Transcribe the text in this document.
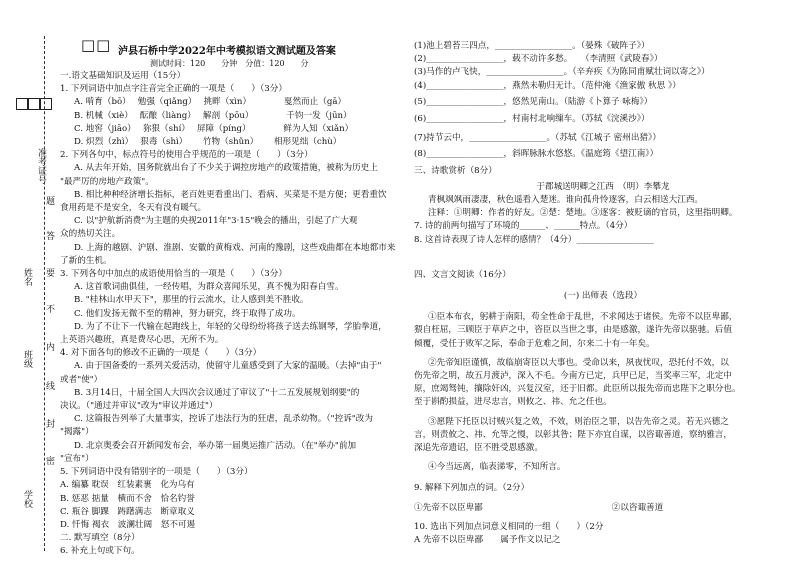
准考证号
姓名
班级
学校
题
答
要
不
内
线
封
密
□□ 泸县石桥中学2022年中考模拟语文测试题及答案
测试时间：120　　分钟　分值：120　　分
一.语文基础知识及运用（15分）
1. 下列词语中加点字注音完全正确的一项是（　　）（3分）
A. 啃育（bō）　 勉强（qiǎng）　 挑畔（xìn）　　　　 戛然而止（gā）
B. 机械（xiè）　 酝酿（liàng）　 解剖（pōu）　　　　 千钧一发（jūn）
C. 地窖（jiāo）　 狝狠（shí）　 屏障（píng）　　　　 鲜为人知（xiǎn）
D. 炽烈（zhì）　 狠毒（shì）　　 竹物（shǔn）　　 相形见绌（chù）
2. 下列各句中，标点符号的使用合乎规范的一项是（　　）（3分）
A. 从去年开始，国务院就出台了不少关于调控房地产的政策措施，被称为历史上
"最严厉的房地产政策"。
B. 相比种种经济增长指标，老百姓更看重出门、看病、买菜是不是方便；更看重饮
食用药是不是安全，冬天有没有暖气。
C. 以"护航新消费"为主题的央视2011年"3·15"晚会的播出，引起了广大观
众的热切关注。
D. 上海的越剧、沪剧、淮剧、安徽的黄梅戏、河南的豫剧，这些戏曲都在本地都市来
了新的生机。
3. 下列各句中加点的成语使用恰当的一项是（　　）（3分）
A. 这首歌词曲俱佳，一经传唱，为群众喜闻乐见，真不愧为阳春白雪。
B. "桂林山水甲天下"，那里的行云流水，让人感到美不胜收。
C. 他们发扬无微不至的精神，努力研究，终于取得了成功。
D. 为了不让下一代输在起跑线上，年轻的父母纷纷将孩子送去练钢琴，学胎拳道，
上英语兴趣班，真是费尽心思，无所不为。
4. 对下面各句的修改不正确的一项是（　　）（3分）
A. 由于国备委的一系列关爱活动，使留守儿童感受到了大家的温暖。（去掉"由于"
或者"使"）
B. 3月14日，十届全国人大四次会议通过了审议了"十二五发展规划纲要"的
决议。（"通过并审议"改为"审议并通过"）
C. 这篇报告列举了大量事实，控诉了违法行为的狂虐，乱杀幼物。（"控诉"改为
"揭露"）
D. 北京奥委会召开新闻发布会，举办第一届奥运推广活动。（在"举办"前加
"宣布"）
5. 下列词语中没有错别字的一项是（　　）（3分）
A. 编纂 耽误　红装素裹　化为乌有
B. 惩恶 掂量　横而不舍　恰名钓誉
C. 瓶谷 脚踝　踌躇满志　断章取义
D. 忏悔 褐衣　波澜壮阔　怒不可遏
二. 默写填空（8分）
6. 补充上句或下句。
(1)池上碧苔三四点，__________________。（晏殊《破阵子》）
(2)__________________，载不动许多愁。　　（李清照《武陵春》）
(3)马作的卢飞快，__________________。（辛弃疾《为陈同甫赋壮词以寄之》）
(4)__________________，燕然未勒归无计。（范仲淹《渔家傲 秋思 》）
(5)__________________，悠然见南山。（陆游《卜算子 咏梅》）
(6)__________________，村南村北响缫车。（苏轼《浣溪沙》）
(7)持节云中，__________________。（苏轼《江城子 密州出猎》）
(8)__________________，斜晖脉脉水悠悠。《温庭筠《望江南》）
三、诗歌赏析（8分）
于郡城送明卿之江西　（明）李攀龙
青枫飒飒雨凄凄，秋色遥看入楚迷。谁向孤舟怜逐客，白云相送大江西。
注释：①明卿：作者的好友。②楚：楚地。③逐客：被贬谪的官员，这里指明卿。
7. 诗的前两句描写了环境的______、______特点。（4分）
8. 这首诗表现了诗人怎样的感情？（4分）__________________
四、文言文阅读（16分）
(一) 出师表（选段）
①臣本布衣，躬耕于南阳，苟全性命于乱世，不求闻达于诸侯。先帝不以臣卑鄙，
猥自枉屈，三顾臣于草庐之中，咨臣以当世之事，由是感激，遂许先帝以驱驰。后值
倾覆，受任于败军之际，奉命于危难之间，尔来二十有一年矣。
②先帝知臣谨慎，故临崩寄臣以大事也。受命以来，夙夜忧叹，恐托付不效，以
伤先帝之明，故五月渡泸，深入不毛。今南方已定，兵甲已足，当奖率三军，北定中
原，庶竭驽钝，攘除奸凶，兴复汉室，还于旧都。此臣所以报先帝而忠陛下之职分也。
至于斟酌损益，进尽忠言，则攸之、祎、允之任也。
③愿陛下托臣以讨贼兴复之效，不效，则治臣之罪，以告先帝之灵。若无兴德之
言，则责攸之、祎、允等之慢，以彰其咎；陛下亦宜自谋，以咨诹善道，察纳雅言，
深追先帝遗诏，臣不胜受恩感激。
④今当远离，临表涕零，不知所言。
9. 解释下列加点的词。（2分）
①先帝不以臣卑鄙　　　　　　　　　　　　　　　②以咨诹善道
10. 选出下列加点词意义相同的一组（　　）（2分
A 先帝不以臣卑鄙　　属予作文以记之
